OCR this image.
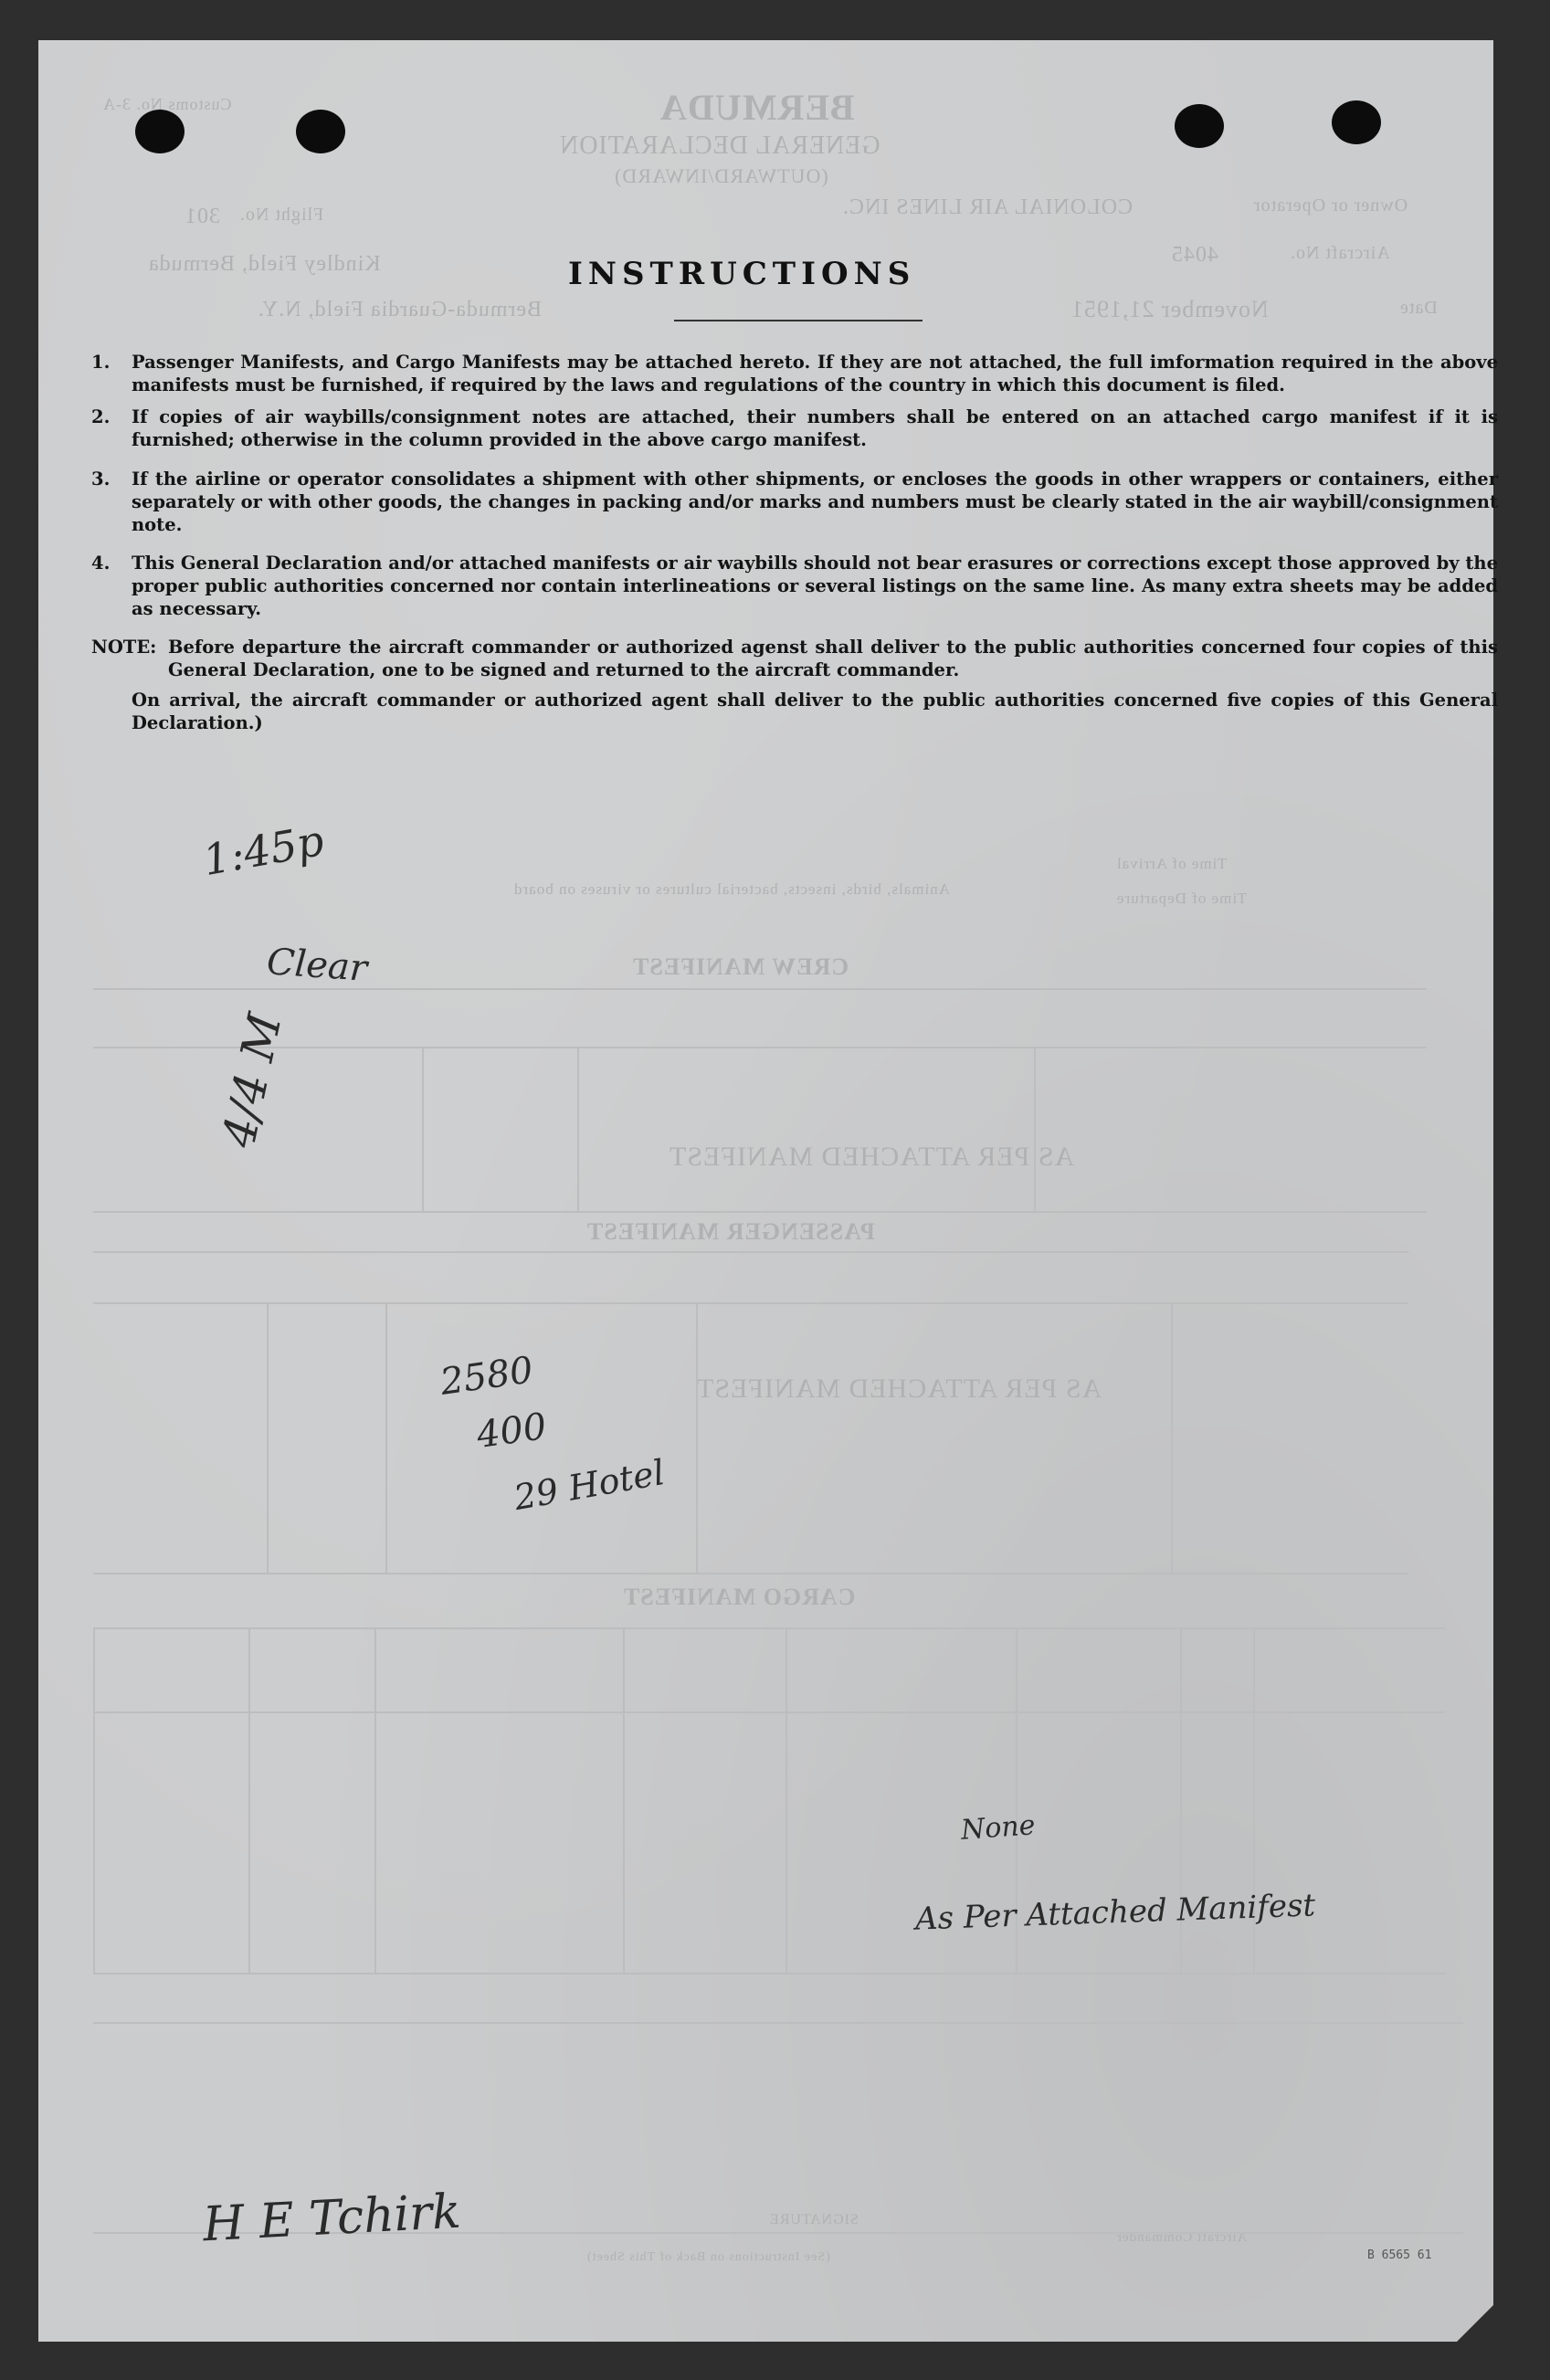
BERMUDA
GENERAL DECLARATION
(OUTWARD/INWARD)
Customs No. 3-A
Owner or Operator
COLONIAL AIR LINES INC.
Flight No.
301
Aircraft No.
4045
Kindley Field, Bermuda
Date
November 21,1951
Bermuda-Guardia Field, N.Y.
Animals, birds, insects, bacterial cultures or viruses on board
Time of Arrival
Time of Departure
CREW MANIFEST
AS PER ATTACHED MANIFEST
PASSENGER MANIFEST
AS PER ATTACHED MANIFEST
CARGO MANIFEST
Aircraft Commander
SIGNATURE
(See Instructions on Back of This Sheet)
INSTRUCTIONS
1. Passenger Manifests, and Cargo Manifests may be attached hereto. If they are not attached, the full imformation required in the above manifests must be furnished, if required by the laws and regulations of the country in which this document is filed.
2. If copies of air waybills/consignment notes are attached, their numbers shall be entered on an attached cargo manifest if it is furnished; otherwise in the column provided in the above cargo manifest.
3. If the airline or operator consolidates a shipment with other shipments, or encloses the goods in other wrappers or containers, either separately or with other goods, the changes in packing and/or marks and numbers must be clearly stated in the air waybill/consignment note.
4. This General Declaration and/or attached manifests or air waybills should not bear erasures or corrections except those approved by the proper public authorities concerned nor contain interlineations or several listings on the same line. As many extra sheets may be added as necessary.
NOTE: Before departure the aircraft commander or authorized agenst shall deliver to the public authorities concerned four copies of this General Declaration, one to be signed and returned to the aircraft commander.
On arrival, the aircraft commander or authorized agent shall deliver to the public authorities concerned five copies of this General Declaration.)
1:45p
Clear
4/4 M
2580
400
29 Hotel
None
As Per Attached Manifest
H E Tchirk
B 6565 61
